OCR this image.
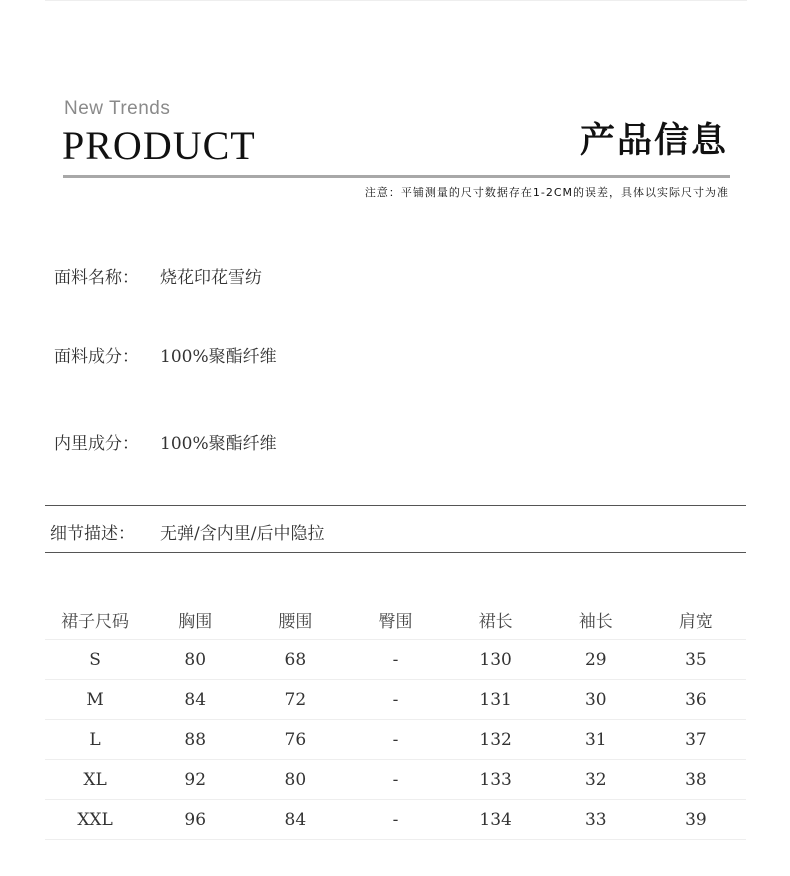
New Trends
PRODUCT	产品信息
注意：平铺测量的尺寸数据存在1-2CM的误差，具体以实际尺寸为准
面料名称： 烧花印花雪纺
面料成分： 100%聚酯纤维
内里成分： 100%聚酯纤维
细节描述： 无弹/含内里/后中隐拉
裙子尺码	胸围	腰围	臀围	裙长	袖长	肩宽
S	80	68	-	130	29	35
M	84	72	-	131	30	36
L	88	76	-	132	31	37
XL	92	80	-	133	32	38
XXL	96	84	-	134	33	39
